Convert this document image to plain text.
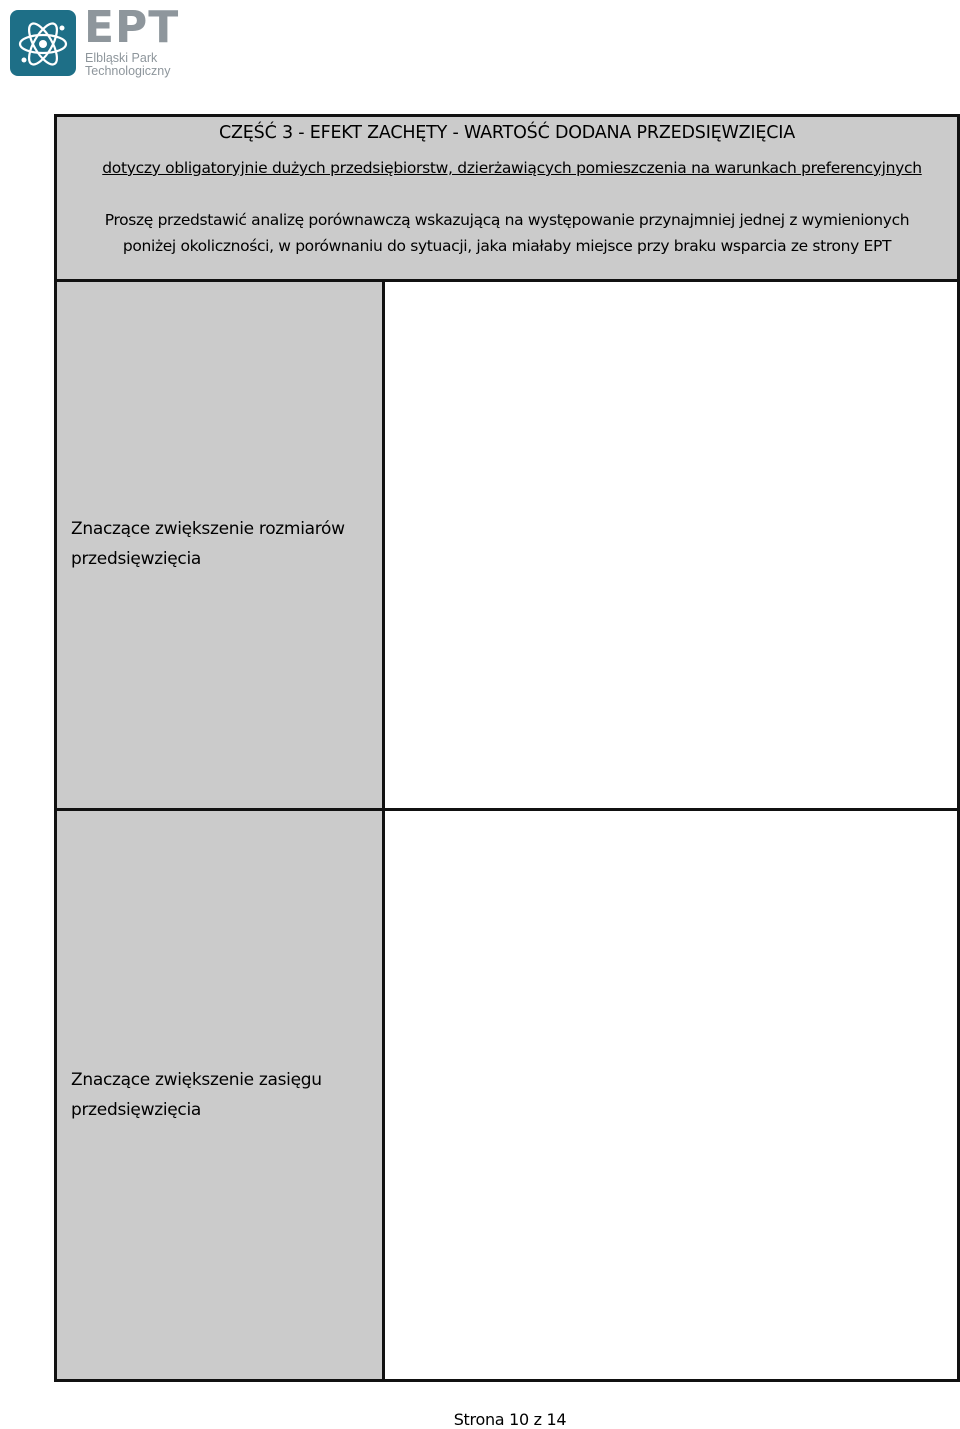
EPT
Elbląski Park
Technologiczny
CZĘŚĆ 3 - EFEKT ZACHĘTY - WARTOŚĆ DODANA PRZEDSIĘWZIĘCIA
dotyczy obligatoryjnie dużych przedsiębiorstw, dzierżawiących pomieszczenia na warunkach preferencyjnych
Proszę przedstawić analizę porównawczą wskazującą na występowanie przynajmniej jednej z wymienionych poniżej okoliczności, w porównaniu do sytuacji, jaka miałaby miejsce przy braku wsparcia ze strony EPT
Znaczące zwiększenie rozmiarów przedsięwzięcia
Znaczące zwiększenie zasięgu przedsięwzięcia
Strona 10 z 14
